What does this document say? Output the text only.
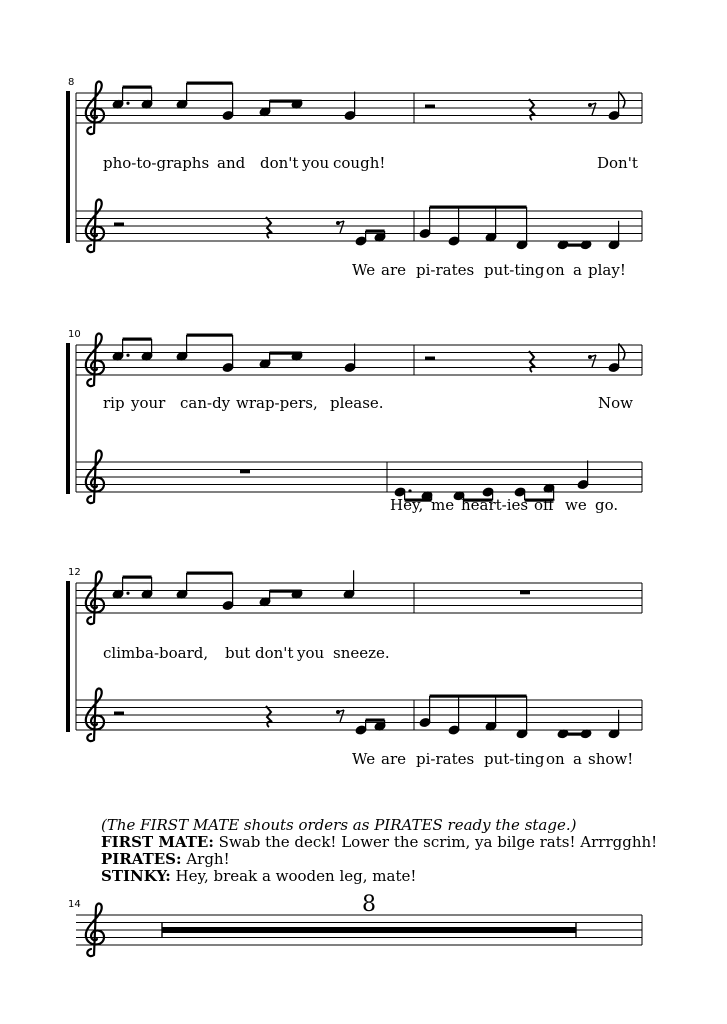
8
pho-to-graphs and don't you cough!	Don't
We are pi-rates put-ting on a play!
10
rip your can-dy wrap-pers, please.	Now
Hey, me heart-ies off we go.
12
climb a-board, but don't you sneeze.
We are pi-rates put-ting on a show!
14	8
(The FIRST MATE shouts orders as PIRATES ready the stage.)
FIRST MATE: Swab the deck! Lower the scrim, ya bilge rats! Arrrgghh!
PIRATES: Argh!
STINKY: Hey, break a wooden leg, mate!
